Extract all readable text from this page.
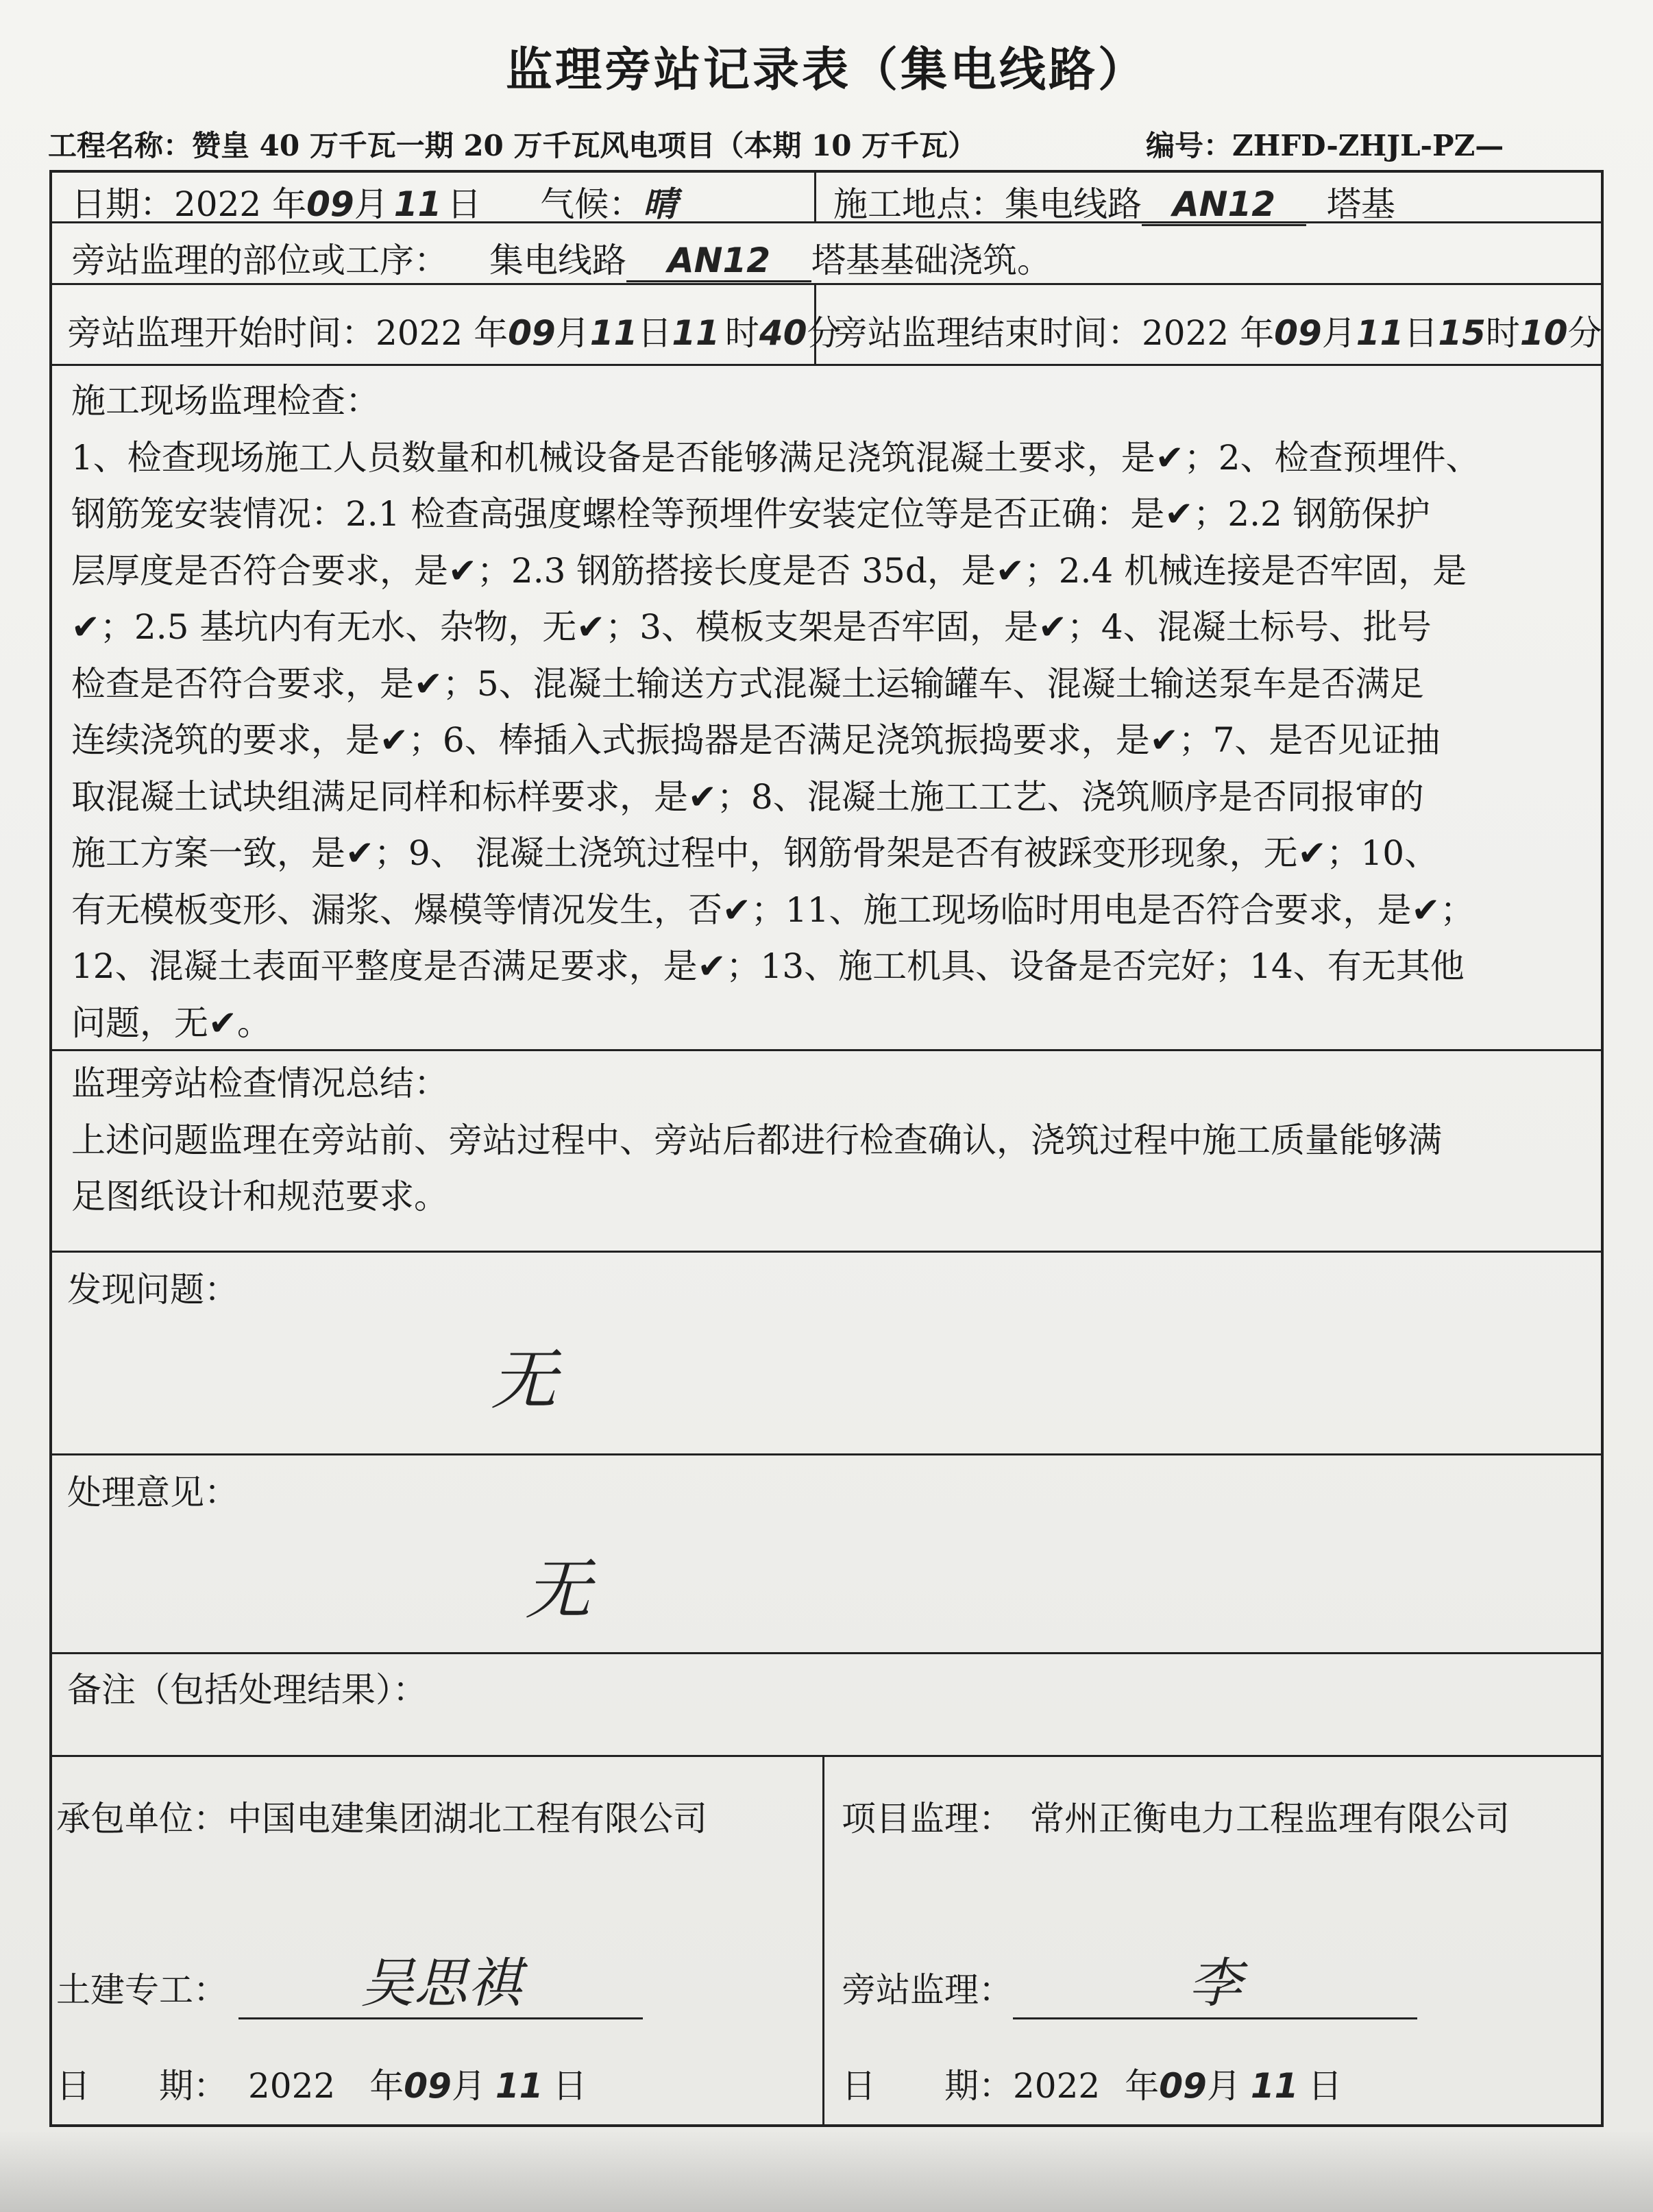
监理旁站记录表（集电线路）
工程名称：赞皇 40 万千瓦一期 20 万千瓦风电项目（本期 10 万千瓦）	编号：ZHFD-ZHJL-PZ—
日期：2022 年09月 11 日 气候：晴	施工地点：集电线路 AN12 塔基
旁站监理的部位或工序： 集电线路 AN12 塔基基础浇筑。
旁站监理开始时间：2022 年09月11日11 时40分
旁站监理结束时间：2022 年09月11日15时10分
施工现场监理检查：
1、检查现场施工人员数量和机械设备是否能够满足浇筑混凝土要求，是✔；2、检查预埋件、
钢筋笼安装情况：2.1 检查高强度螺栓等预埋件安装定位等是否正确：是✔；2.2 钢筋保护
层厚度是否符合要求，是✔；2.3 钢筋搭接长度是否 35d，是✔；2.4 机械连接是否牢固，是
✔；2.5 基坑内有无水、杂物，无✔；3、模板支架是否牢固，是✔；4、混凝土标号、批号
检查是否符合要求，是✔；5、混凝土输送方式混凝土运输罐车、混凝土输送泵车是否满足
连续浇筑的要求，是✔；6、棒插入式振捣器是否满足浇筑振捣要求，是✔；7、是否见证抽
取混凝土试块组满足同样和标样要求，是✔；8、混凝土施工工艺、浇筑顺序是否同报审的
施工方案一致，是✔；9、 混凝土浇筑过程中，钢筋骨架是否有被踩变形现象，无✔；10、
有无模板变形、漏浆、爆模等情况发生，否✔；11、施工现场临时用电是否符合要求，是✔；
12、混凝土表面平整度是否满足要求，是✔；13、施工机具、设备是否完好；14、有无其他
问题，无✔。
监理旁站检查情况总结：
上述问题监理在旁站前、旁站过程中、旁站后都进行检查确认，浇筑过程中施工质量能够满
足图纸设计和规范要求。
发现问题：
无
处理意见：
无
备注（包括处理结果）：
承包单位：中国电建集团湖北工程有限公司
土建专工： 吴思祺
日　　期： 2022 年09月 11 日
项目监理：　常州正衡电力工程监理有限公司
旁站监理：	李
日　　期：2022 年09月 11 日
